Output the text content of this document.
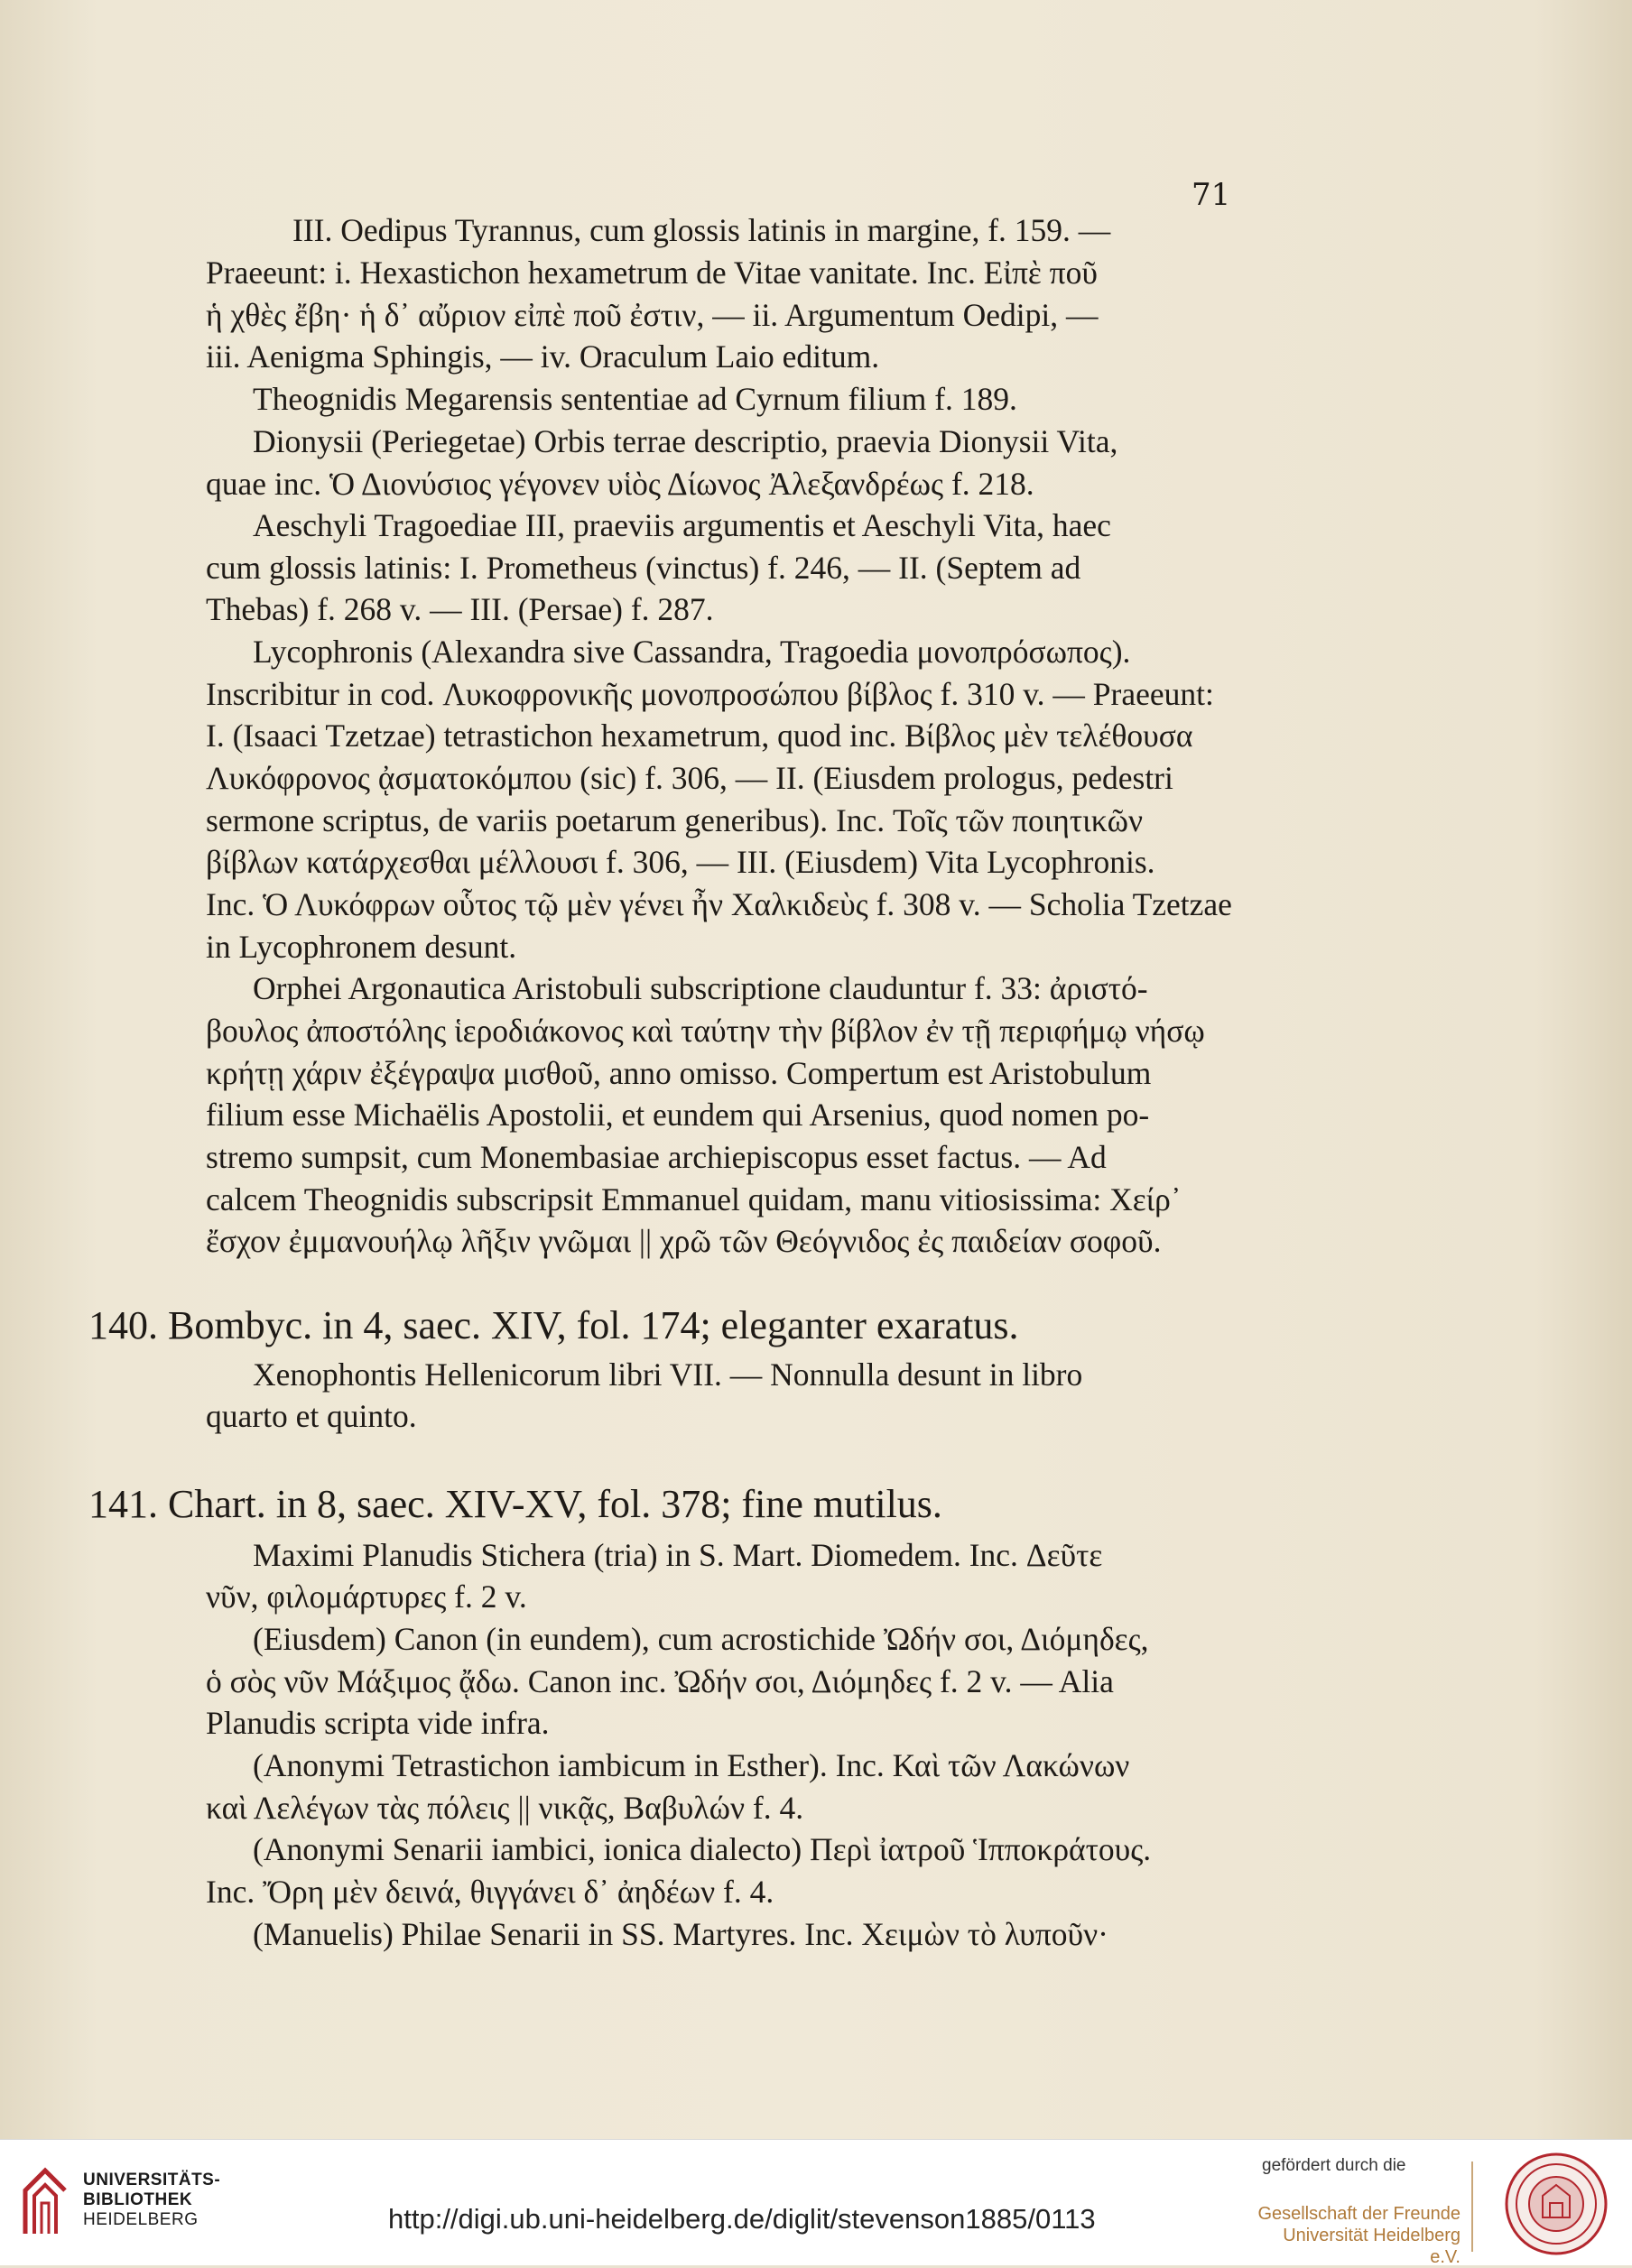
71
III. Oedipus Tyrannus, cum glossis latinis in margine, f. 159. —
Praeeunt: i. Hexastichon hexametrum de Vitae vanitate. Inc. Εἰπὲ ποῦ
ἡ χθὲς ἔβη· ἡ δ᾽ αὔριον εἰπὲ ποῦ ἐστιν, — ii. Argumentum Oedipi, —
iii. Aenigma Sphingis, — iv. Oraculum Laio editum.
Theognidis Megarensis sententiae ad Cyrnum filium f. 189.
Dionysii (Periegetae) Orbis terrae descriptio, praevia Dionysii Vita,
quae inc. Ὁ Διονύσιος γέγονεν υἱὸς Δίωνος Ἀλεξανδρέως f. 218.
Aeschyli Tragoediae III, praeviis argumentis et Aeschyli Vita, haec
cum glossis latinis: I. Prometheus (vinctus) f. 246, — II. (Septem ad
Thebas) f. 268 v. — III. (Persae) f. 287.
Lycophronis (Alexandra sive Cassandra, Tragoedia μονοπρόσωπος).
Inscribitur in cod. Λυκοφρονικῆς μονοπροσώπου βίβλος f. 310 v. — Praeeunt:
I. (Isaaci Tzetzae) tetrastichon hexametrum, quod inc. Βίβλος μὲν τελέθουσα
Λυκόφρονος ᾀσματοκόμπου (sic) f. 306, — II. (Eiusdem prologus, pedestri
sermone scriptus, de variis poetarum generibus). Inc. Τοῖς τῶν ποιητικῶν
βίβλων κατάρχεσθαι μέλλουσι f. 306, — III. (Eiusdem) Vita Lycophronis.
Inc. Ὁ Λυκόφρων οὗτος τῷ μὲν γένει ἦν Χαλκιδεὺς f. 308 v. — Scholia Tzetzae
in Lycophronem desunt.
Orphei Argonautica Aristobuli subscriptione clauduntur f. 33: ἀριστό-
βουλος ἀποστόλης ἱεροδιάκονος καὶ ταύτην τὴν βίβλον ἐν τῇ περιφήμῳ νήσῳ
κρήτῃ χάριν ἐξέγραψα μισθοῦ, anno omisso. Compertum est Aristobulum
filium esse Michaëlis Apostolii, et eundem qui Arsenius, quod nomen po-
stremo sumpsit, cum Monembasiae archiepiscopus esset factus. — Ad
calcem Theognidis subscripsit Emmanuel quidam, manu vitiosissima: Χείρ᾽
ἔσχον ἐμμανουήλῳ λῆξιν γνῶμαι || χρῶ τῶν Θεόγνιδος ἐς παιδείαν σοφοῦ.
140. Bombyc. in 4, saec. XIV, fol. 174; eleganter exaratus.
Xenophontis Hellenicorum libri VII. — Nonnulla desunt in libro
quarto et quinto.
141. Chart. in 8, saec. XIV-XV, fol. 378; fine mutilus.
Maximi Planudis Stichera (tria) in S. Mart. Diomedem. Inc. Δεῦτε
νῦν, φιλομάρτυρες f. 2 v.
(Eiusdem) Canon (in eundem), cum acrostichide Ὠδήν σοι, Διόμηδες,
ὁ σὸς νῦν Μάξιμος ᾄδω. Canon inc. Ὠδήν σοι, Διόμηδες f. 2 v. — Alia
Planudis scripta vide infra.
(Anonymi Tetrastichon iambicum in Esther). Inc. Καὶ τῶν Λακώνων
καὶ Λελέγων τὰς πόλεις || νικᾷς, Βαβυλών f. 4.
(Anonymi Senarii iambici, ionica dialecto) Περὶ ἰατροῦ Ἱπποκράτους.
Inc. Ὄρη μὲν δεινά, θιγγάνει δ᾽ ἀηδέων f. 4.
(Manuelis) Philae Senarii in SS. Martyres. Inc. Χειμὼν τὸ λυποῦν·
UNIVERSITÄTS-
BIBLIOTHEK
HEIDELBERG	http://digi.ub.uni-heidelberg.de/diglit/stevenson1885/0113
gefördert durch die
Gesellschaft der Freunde
Universität Heidelberg e.V.
